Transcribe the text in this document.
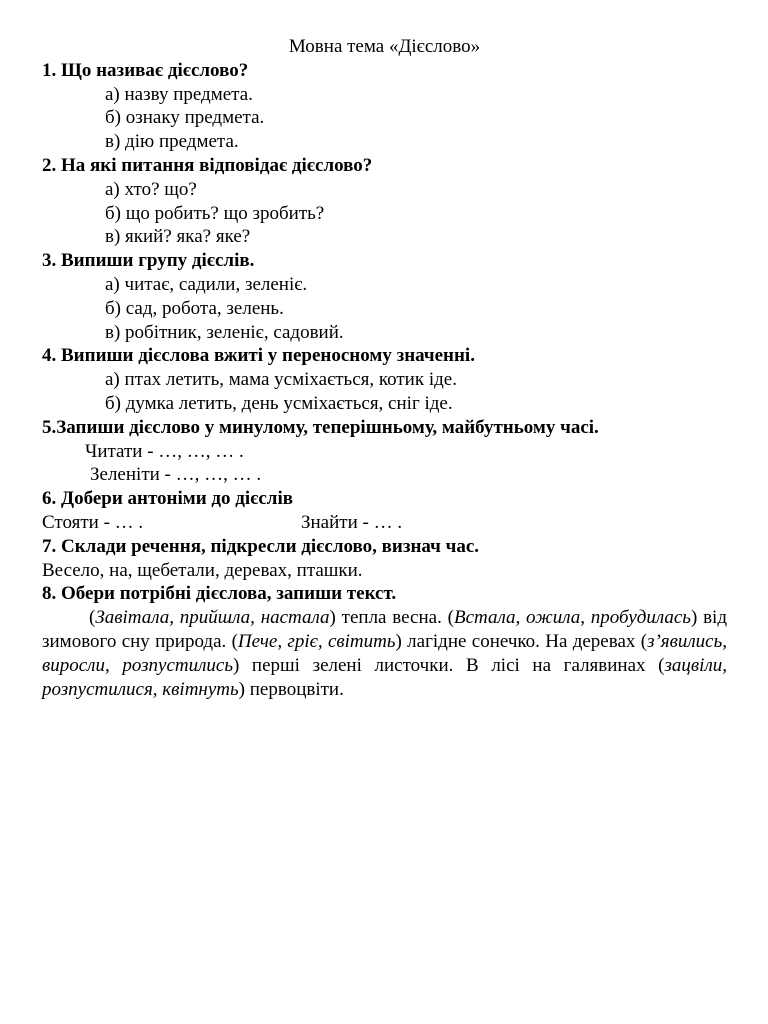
Мовна тема «Дієслово»
1. Що називає дієслово?
а) назву предмета.
б) ознаку предмета.
в) дію предмета.
2. На які питання відповідає дієслово?
а) хто? що?
б) що робить? що зробить?
в) який? яка? яке?
3. Випиши групу дієслів.
а) читає, садили, зеленіє.
б) сад, робота, зелень.
в) робітник, зеленіє, садовий.
4. Випиши дієслова вжиті у переносному значенні.
а) птах летить, мама усміхається, котик іде.
б) думка летить, день усміхається, сніг іде.
5.Запиши дієслово у минулому, теперішньому, майбутньому часі.
Читати - …, …, … .
Зеленіти - …, …, … .
6. Добери антоніми до дієслів
Стояти - … .	Знайти - … .
7. Склади речення, підкресли дієслово, визнач час.
Весело, на, щебетали, деревах, пташки.
8. Обери потрібні дієслова, запиши текст.
(Завітала, прийшла, настала) тепла весна. (Встала, ожила, пробудилась) від зимового сну природа. (Пече, гріє, світить) лагідне сонечко. На деревах (з’явились, виросли, розпустились) перші зелені листочки. В лісі на галявинах (зацвіли, розпустилися, квітнуть) первоцвіти.
